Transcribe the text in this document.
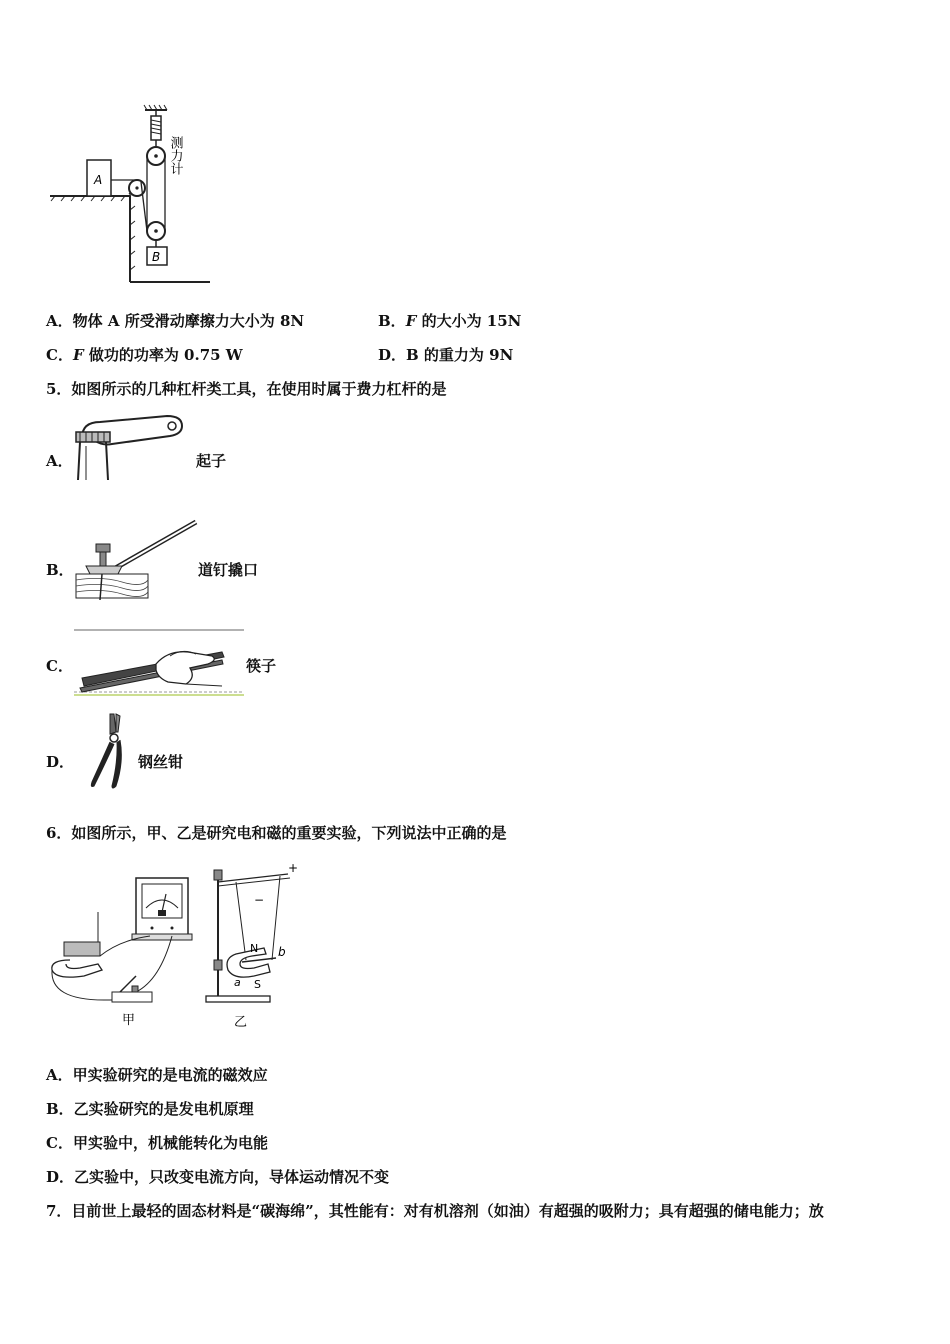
B
A
测力计
A．物体 A 所受滑动摩擦力大小为 8N	B．F 的大小为 15N
C．F 做功的功率为 0.75 W	D．B 的重力为 9N
5．如图所示的几种杠杆类工具，在使用时属于费力杠杆的是
A．	起子
B．	道钉撬口
C．	筷子
D．	钢丝钳
6．如图所示，甲、乙是研究电和磁的重要实验，下列说法中正确的是
甲
+
−
N
S
a
b
乙
A．甲实验研究的是电流的磁效应
B．乙实验研究的是发电机原理
C．甲实验中，机械能转化为电能
D．乙实验中，只改变电流方向，导体运动情况不变
7．目前世上最轻的固态材料是“碳海绵”，其性能有：对有机溶剂（如油）有超强的吸附力；具有超强的储电能力；放
